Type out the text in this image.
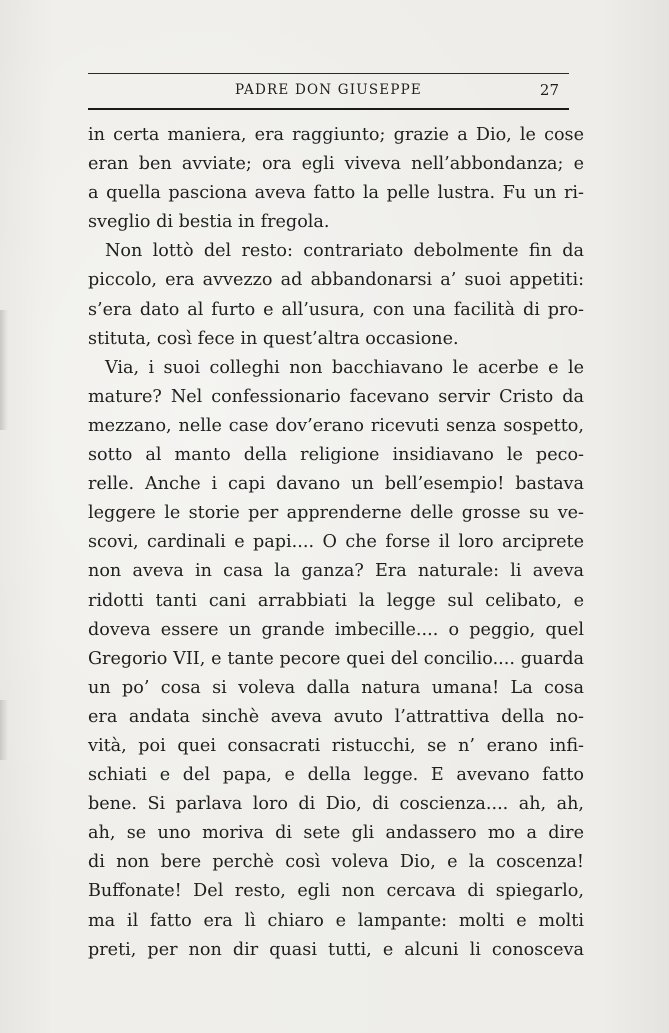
PADRE DON GIUSEPPE	27
in certa maniera, era raggiunto; grazie a Dio, le cose
eran ben avviate; ora egli viveva nell’abbondanza; e
a quella pasciona aveva fatto la pelle lustra. Fu un ri-
sveglio di bestia in fregola.
Non lottò del resto: contrariato debolmente fin da
piccolo, era avvezzo ad abbandonarsi a’ suoi appetiti:
s’era dato al furto e all’usura, con una facilità di pro-
stituta, così fece in quest’altra occasione.
Via, i suoi colleghi non bacchiavano le acerbe e le
mature? Nel confessionario facevano servir Cristo da
mezzano, nelle case dov’erano ricevuti senza sospetto,
sotto al manto della religione insidiavano le peco-
relle. Anche i capi davano un bell’esempio! bastava
leggere le storie per apprenderne delle grosse su ve-
scovi, cardinali e papi.... O che forse il loro arciprete
non aveva in casa la ganza? Era naturale: li aveva
ridotti tanti cani arrabbiati la legge sul celibato, e
doveva essere un grande imbecille.... o peggio, quel
Gregorio VII, e tante pecore quei del concilio.... guarda
un po’ cosa si voleva dalla natura umana! La cosa
era andata sinchè aveva avuto l’attrattiva della no-
vità, poi quei consacrati ristucchi, se n’ erano infi-
schiati e del papa, e della legge. E avevano fatto
bene. Si parlava loro di Dio, di coscienza.... ah, ah,
ah, se uno moriva di sete gli andassero mo a dire
di non bere perchè così voleva Dio, e la coscenza!
Buffonate! Del resto, egli non cercava di spiegarlo,
ma il fatto era lì chiaro e lampante: molti e molti
preti, per non dir quasi tutti, e alcuni li conosceva
